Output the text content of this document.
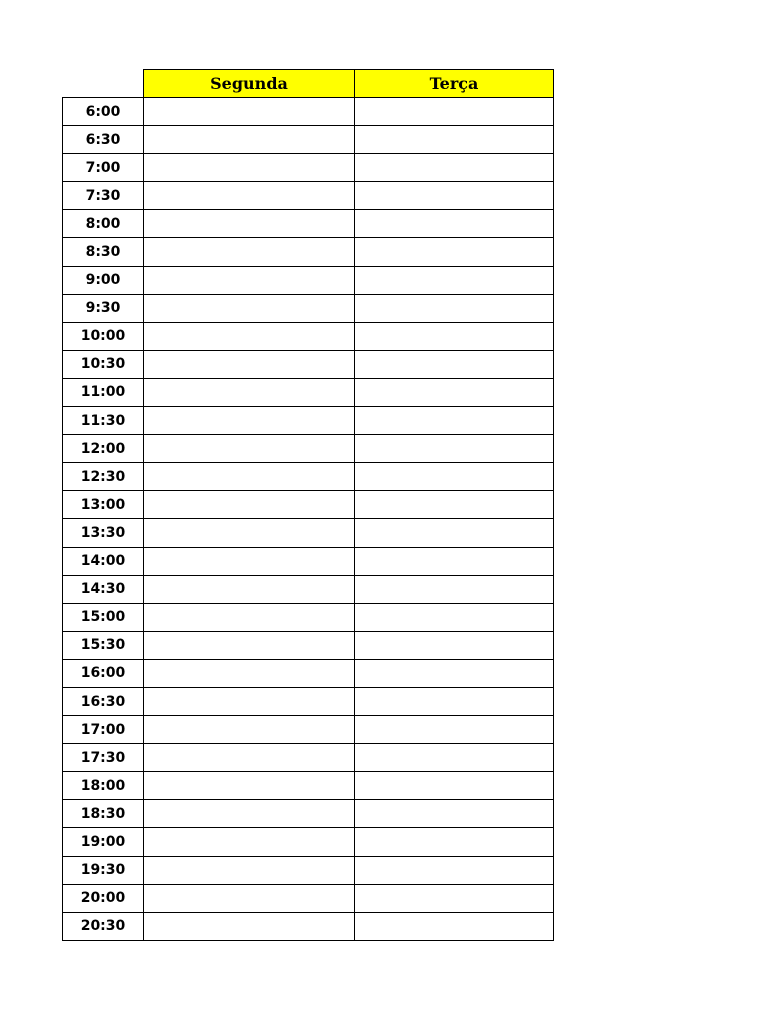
	Segunda	Terça
6:00		
6:30		
7:00		
7:30		
8:00		
8:30		
9:00		
9:30		
10:00		
10:30		
11:00		
11:30		
12:00		
12:30		
13:00		
13:30		
14:00		
14:30		
15:00		
15:30		
16:00		
16:30		
17:00		
17:30		
18:00		
18:30		
19:00		
19:30		
20:00		
20:30		
